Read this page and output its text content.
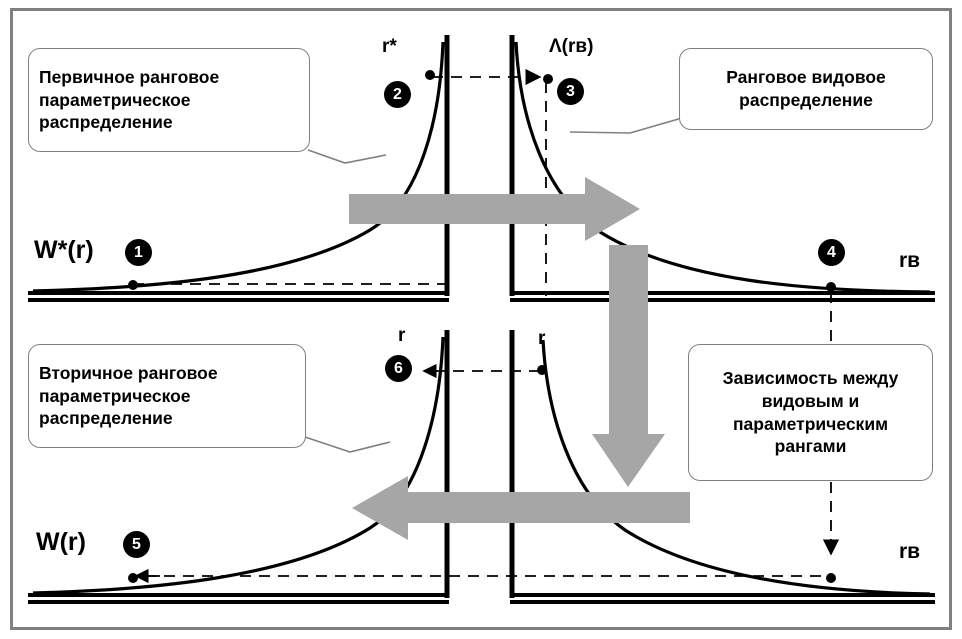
Первичное ранговое параметрическое распределение
Ранговое видовое распределение
Вторичное ранговое параметрическое распределение
Зависимость между видовым и параметрическим рангами
1
2	3
4
5
6
W*(r)
W(r)
r*	Λ(rв)
r	r
rв
rв
